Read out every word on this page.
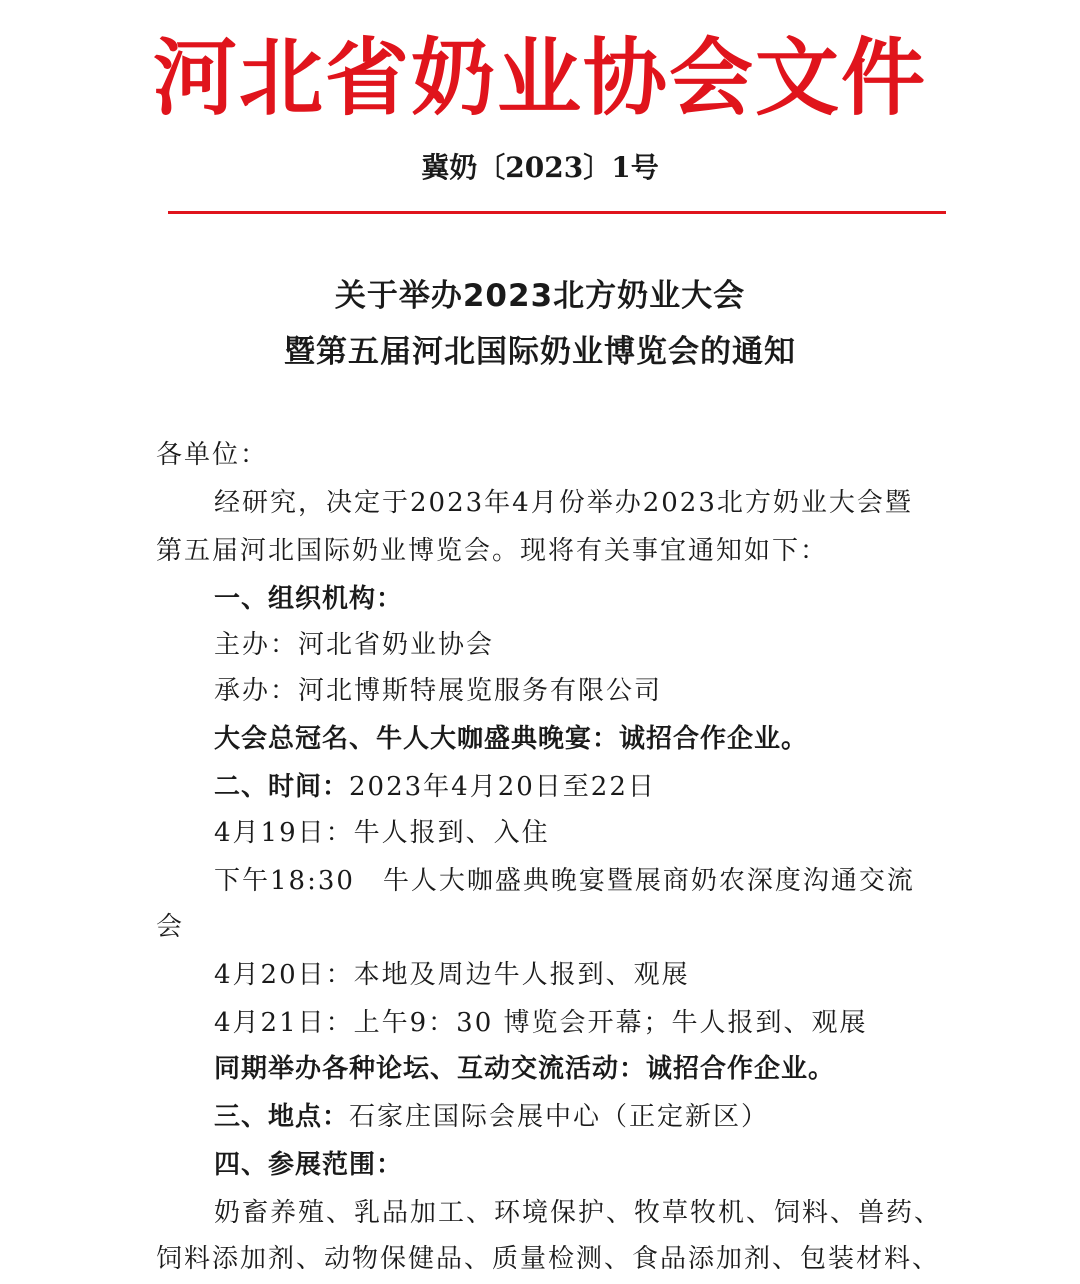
河北省奶业协会文件
冀奶〔2023〕1号
关于举办2023北方奶业大会
暨第五届河北国际奶业博览会的通知
各单位：
经研究，决定于2023年4月份举办2023北方奶业大会暨
第五届河北国际奶业博览会。现将有关事宜通知如下：
一、组织机构：
主办：河北省奶业协会
承办：河北博斯特展览服务有限公司
大会总冠名、牛人大咖盛典晚宴：诚招合作企业。
二、时间：2023年4月20日至22日
4月19日：牛人报到、入住
下午18:30　牛人大咖盛典晚宴暨展商奶农深度沟通交流
会
4月20日：本地及周边牛人报到、观展
4月21日：上午9：30 博览会开幕；牛人报到、观展
同期举办各种论坛、互动交流活动：诚招合作企业。
三、地点：石家庄国际会展中心（正定新区）
四、参展范围：
奶畜养殖、乳品加工、环境保护、牧草牧机、饲料、兽药、
饲料添加剂、动物保健品、质量检测、食品添加剂、包装材料、
